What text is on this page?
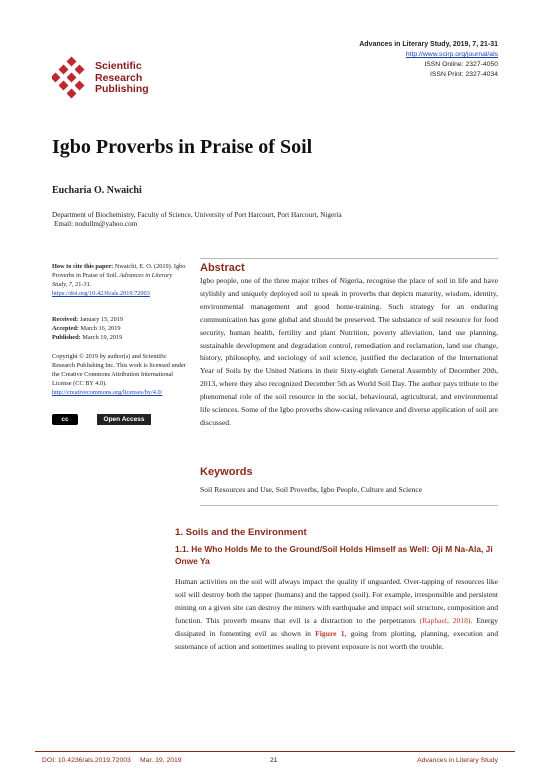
Scientific
Research
Publishing
Advances in Literary Study, 2019, 7, 21-31
http://www.scirp.org/journal/als
ISSN Online: 2327-4050
ISSN Print: 2327-4034
Igbo Proverbs in Praise of Soil
Eucharia O. Nwaichi
Department of Biochemistry, Faculty of Science, University of Port Harcourt, Port Harcourt, Nigeria
Email: nodullm@yahoo.com
How to cite this paper: Nwaichi, E. O. (2019). Igbo Proverbs in Praise of Soil. Advances in Literary Study, 7, 21-31.
https://doi.org/10.4236/als.2019.72003
Received: January 15, 2019
Accepted: March 16, 2019
Published: March 19, 2019
Copyright © 2019 by author(s) and Scientific Research Publishing Inc. This work is licensed under the Creative Commons Attribution International License (CC BY 4.0).
http://creativecommons.org/licenses/by/4.0/
cc	Open Access
Abstract
Igbo people, one of the three major tribes of Nigeria, recognise the place of soil in life and have stylishly and uniquely deployed soil to speak in proverbs that depicts maturity, wisdom, identity, environmental management and good home-training. Such strategy for an enduring communication has gone global and should be preserved. The substance of soil resource for food security, human health, fertility and plant Nutrition, poverty alleviation, land use planning, sustainable development and degradation control, remediation and reclamation, land use change, history, philosophy, and sociology of soil science, justified the declaration of the International Year of Soils by the United Nations in their Sixty-eighth General Assembly of December 20th, 2013, where they also recognized December 5th as World Soil Day. The author pays tribute to the phenomenal role of the soil resource in the social, behavioural, agricultural, and environmental life sciences. Some of the Igbo proverbs show-casing relevance and diverse application of soil are discussed.
Keywords
Soil Resources and Use, Soil Proverbs, Igbo People, Culture and Science
1. Soils and the Environment
1.1. He Who Holds Me to the Ground/Soil Holds Himself as Well: Oji M Na-Ala, Ji Onwe Ya
Human activities on the soil will always impact the quality if unguarded. Over-tapping of resources like soil will destroy both the tapper (humans) and the tapped (soil). For example, irresponsible and persistent mining on a given site can destroy the miners with earthquake and impact soil structure, composition and function. This proverb means that evil is a distraction to the perpetrators (Raphael, 2018). Energy dissipated in fomenting evil as shown in Figure 1, going from plotting, planning, execution and sustenance of action and sometimes sealing to prevent exposure is not worth the trouble.
DOI: 10.4236/als.2019.72003 Mar. 19, 2019	21	Advances in Literary Study
